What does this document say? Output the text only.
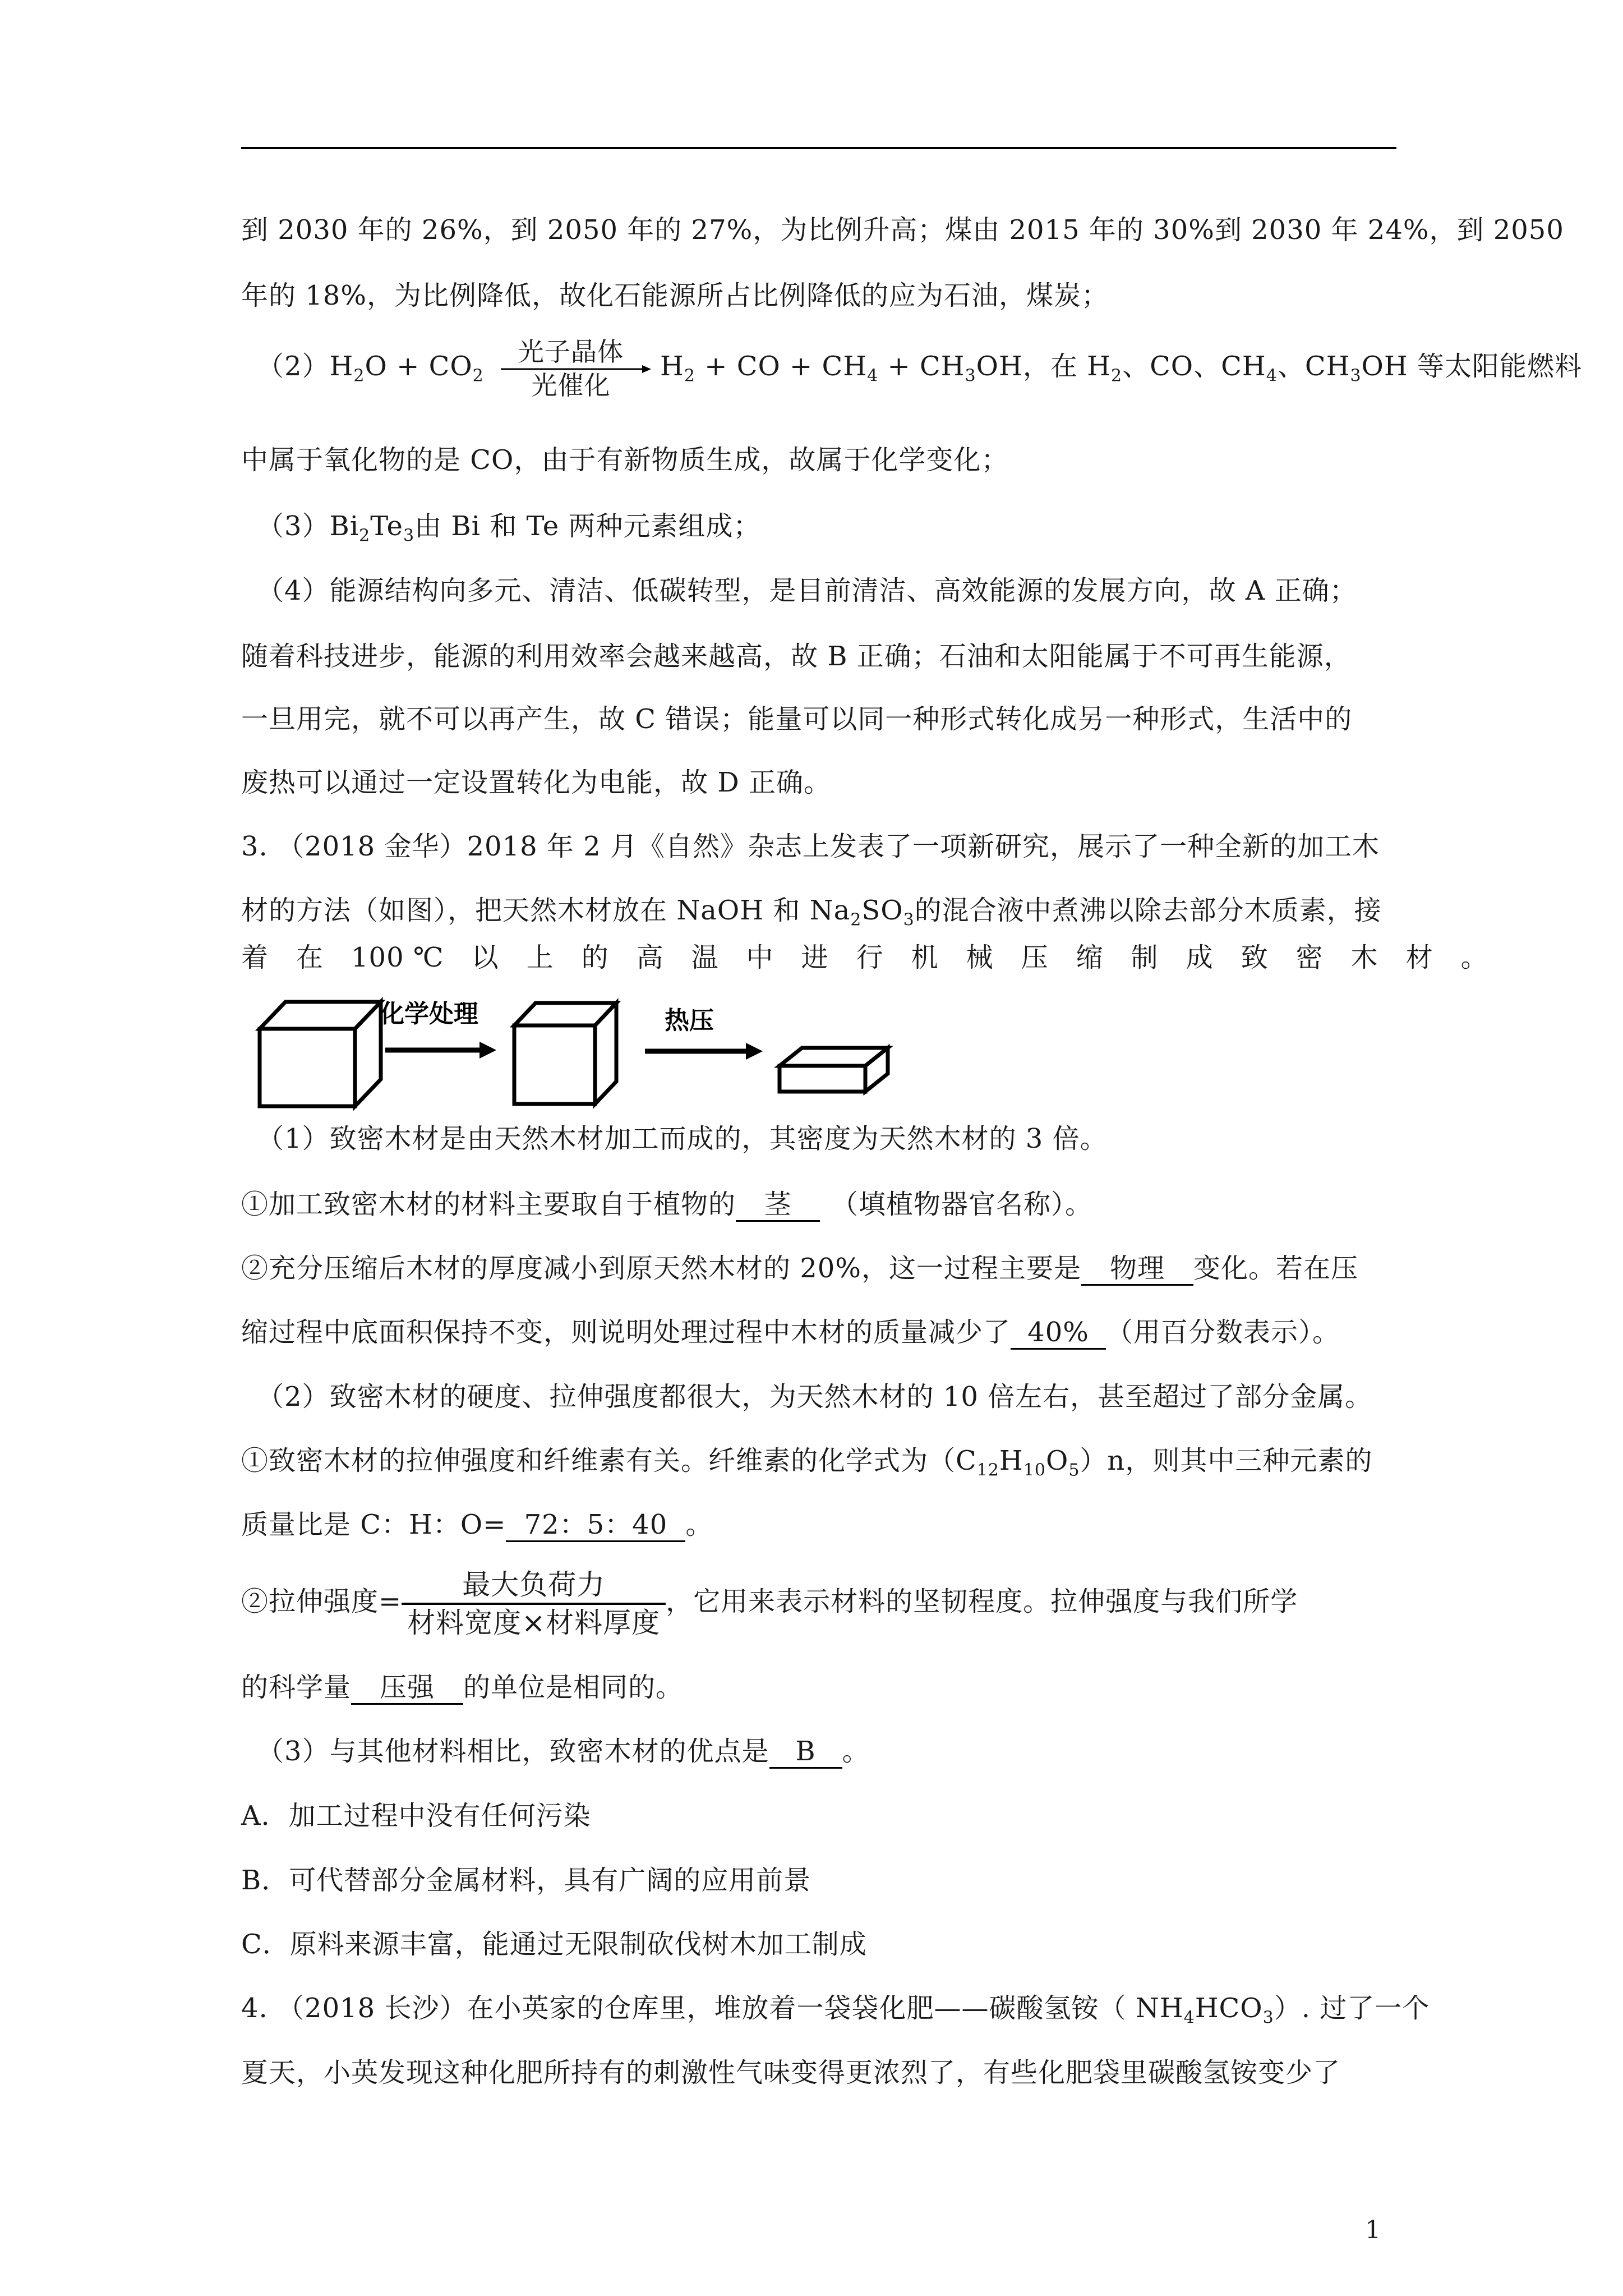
到 2030 年的 26%，到 2050 年的 27%，为比例升高；煤由 2015 年的 30%到 2030 年 24%，到 2050
年的 18%，为比例降低，故化石能源所占比例降低的应为石油，煤炭；
$(2)H_2O + CO_2$
光子晶体
光催化
$H_2$ + CO + $CH_4 + CH_3OH$，在 $H_2$、CO、$CH_4$、$CH_3OH$ 等太阳能燃料
中属于氧化物的是 CO，由于有新物质生成，故属于化学变化；
$(3)Bi_2Te_3$由 Bi 和 Te 两种元素组成；
（4）能源结构向多元、清洁、低碳转型，是目前清洁、高效能源的发展方向，故 A 正确；
随着科技进步，能源的利用效率会越来越高，故 B 正确；石油和太阳能属于不可再生能源，
一旦用完，就不可以再产生，故 C 错误；能量可以同一种形式转化成另一种形式，生活中的
废热可以通过一定设置转化为电能，故 D 正确。
3. （2018 金华）2018 年 2 月《自然》杂志上发表了一项新研究，展示了一种全新的加工木
材的方法（如图），把天然木材放在 NaOH 和 $Na_2SO_3$的混合液中煮沸以除去部分木质素，接
着　在　100 ℃　以　上　的　高　温　中　进　行　机　械　压　缩　制　成　致　密　木　材　。
化学处理	热压
（1）致密木材是由天然木材加工而成的，其密度为天然木材的 3 倍。
①加工致密木材的材料主要取自于植物的 茎 （填植物器官名称）。
②充分压缩后木材的厚度减小到原天然木材的 20%，这一过程主要是 物理 变化。若在压
缩过程中底面积保持不变，则说明处理过程中木材的质量减少了 40% （用百分数表示）。
（2）致密木材的硬度、拉伸强度都很大，为天然木材的 10 倍左右，甚至超过了部分金属。
①致密木材的拉伸强度和纤维素有关。纤维素的化学式为$(C_{12}H_{10}O_5)n$，则其中三种元素的
质量比是 C：H：O= 72：5：40 。
②拉伸强度= $\frac{\text{最大负荷力}}{\text{材料宽度×材料厚度}}$ ，它用来表示材料的坚韧程度。拉伸强度与我们所学
的科学量 压强 的单位是相同的。
（3）与其他材料相比，致密木材的优点是 B 。
A．加工过程中没有任何污染
B．可代替部分金属材料，具有广阔的应用前景
C．原料来源丰富，能通过无限制砍伐树木加工制成
4. （2018 长沙）在小英家的仓库里，堆放着一袋袋化肥——碳酸氢铵（ $NH_4HCO_3$）. 过了一个
夏天，小英发现这种化肥所持有的刺激性气味变得更浓烈了，有些化肥袋里碳酸氢铵变少了
1
